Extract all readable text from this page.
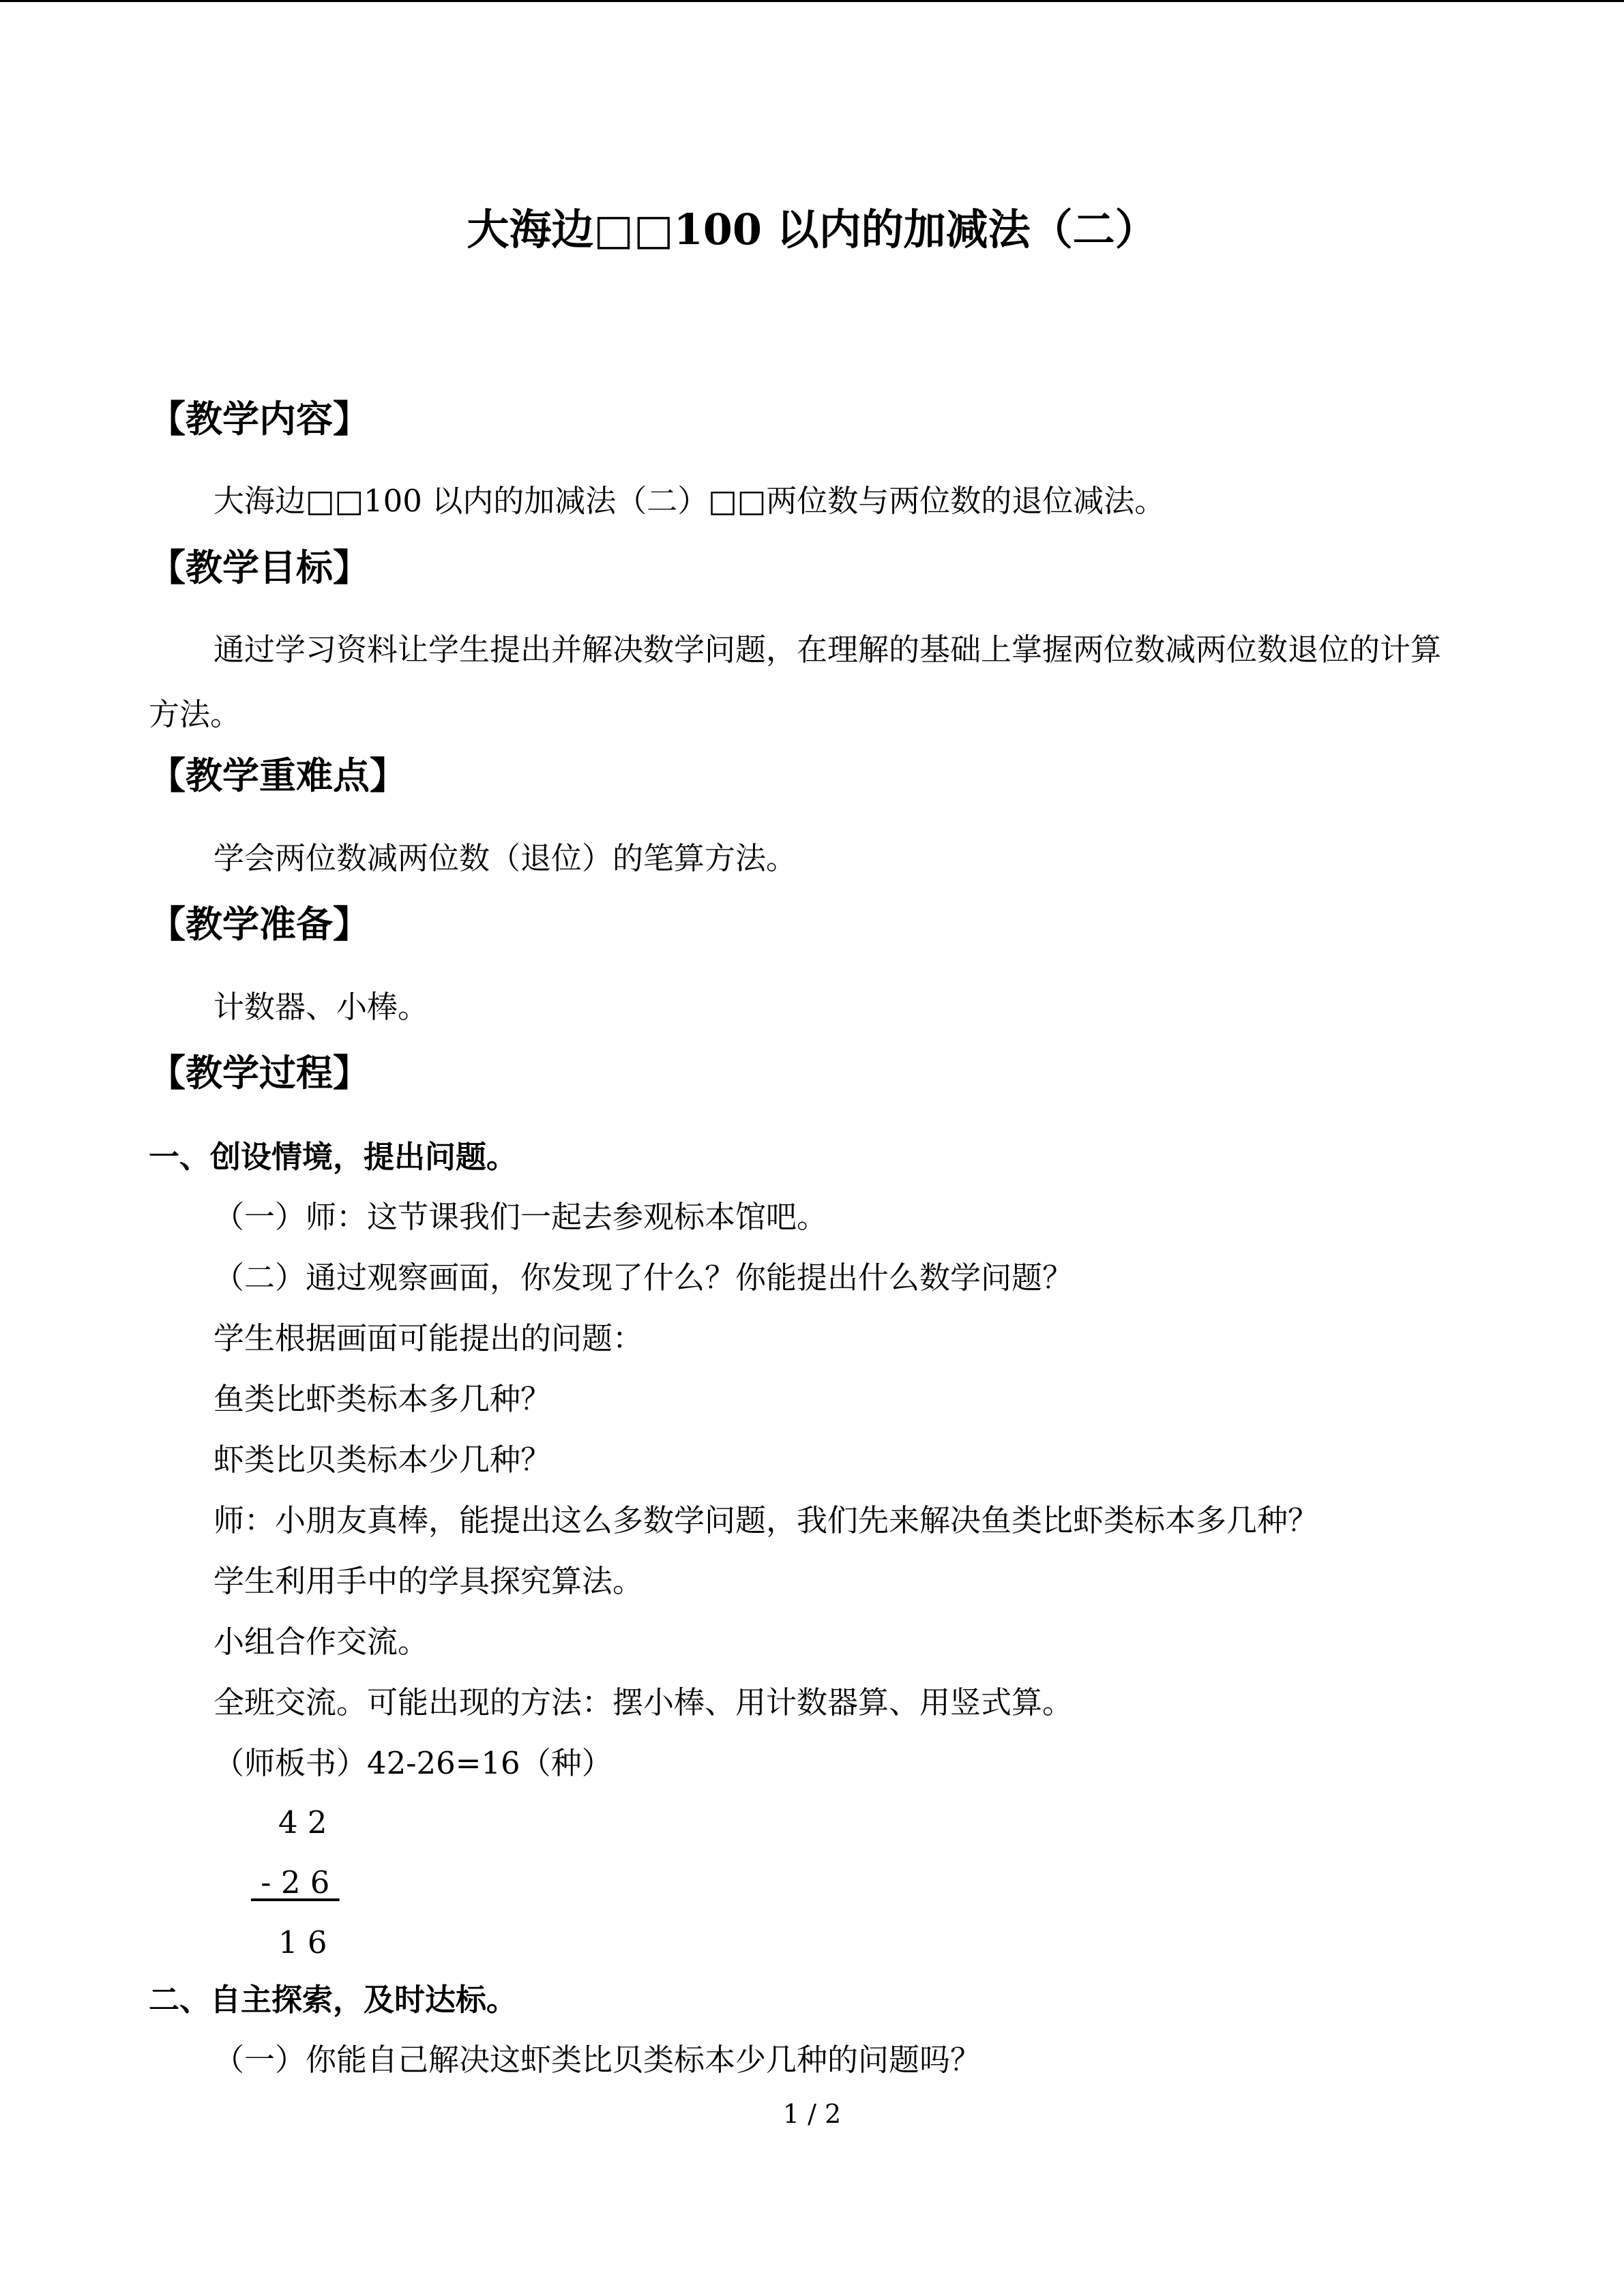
大海边□□100 以内的加减法（二）
【教学内容】
大海边□□100 以内的加减法（二）□□两位数与两位数的退位减法。
【教学目标】
通过学习资料让学生提出并解决数学问题，在理解的基础上掌握两位数减两位数退位的计算方法。
【教学重难点】
学会两位数减两位数（退位）的笔算方法。
【教学准备】
计数器、小棒。
【教学过程】
一、创设情境，提出问题。
（一）师：这节课我们一起去参观标本馆吧。
（二）通过观察画面，你发现了什么？你能提出什么数学问题？
学生根据画面可能提出的问题：
鱼类比虾类标本多几种？
虾类比贝类标本少几种？
师：小朋友真棒，能提出这么多数学问题，我们先来解决鱼类比虾类标本多几种？
学生利用手中的学具探究算法。
小组合作交流。
全班交流。可能出现的方法：摆小棒、用计数器算、用竖式算。
（师板书）42-26=16（种）
4 2
- 2 6
1 6
二、自主探索，及时达标。
（一）你能自己解决这虾类比贝类标本少几种的问题吗？
1 / 2
